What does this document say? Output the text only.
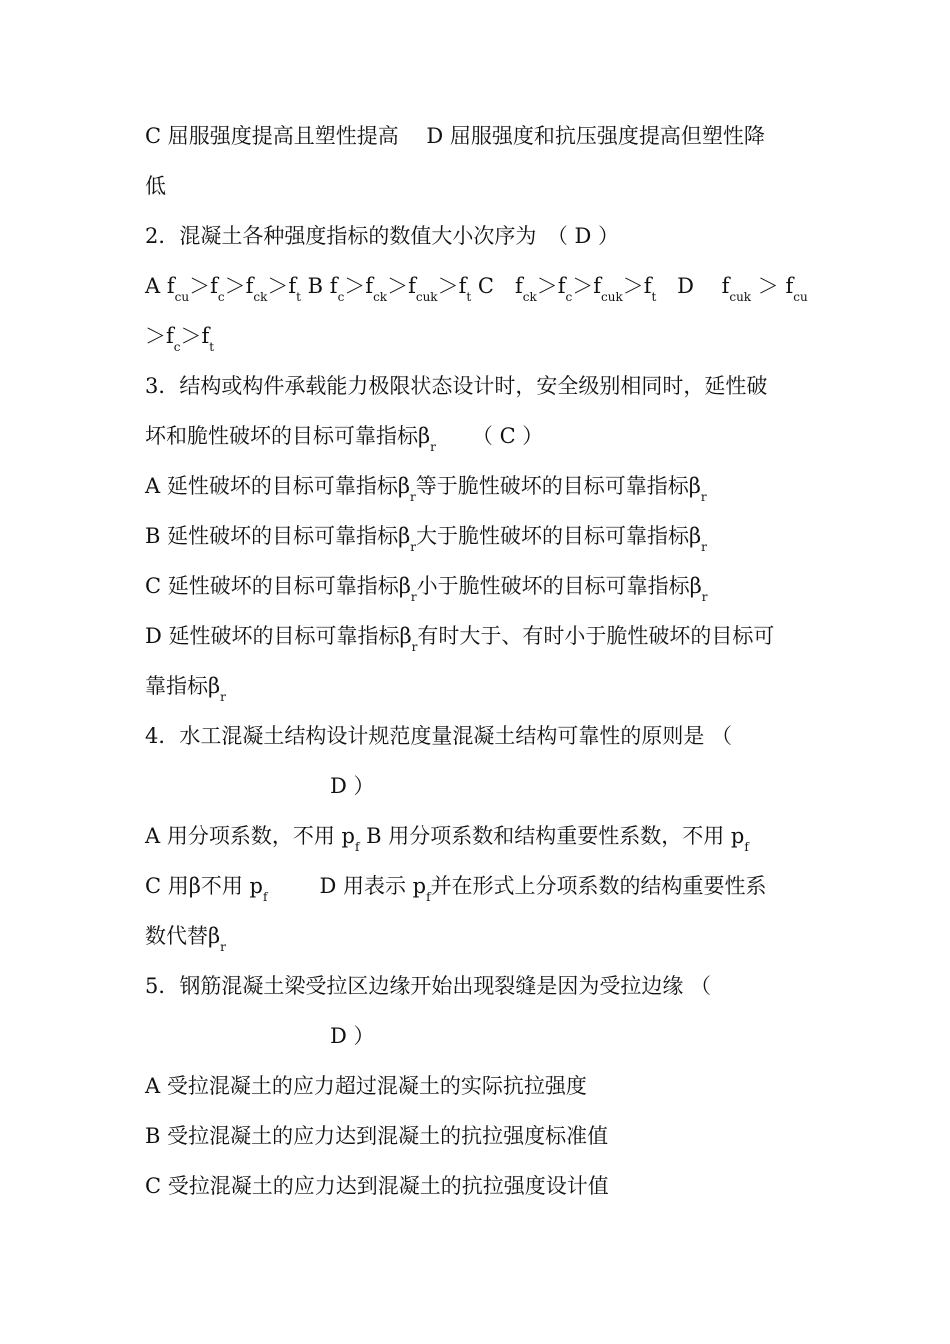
C 屈服强度提高且塑性提高　 D 屈服强度和抗压强度提高但塑性降
低
2．混凝土各种强度指标的数值大小次序为　（ D ）
A $f_{cu}>f_c>f_{ck}>f_t$ B $f_c>f_{ck}>f_{cuk}>f_t$ C　$f_{ck}>f_c>f_{cuk}>f_t$ D　 $f_{cuk} > f_{cu}$
$>f_c>f_t$
3．结构或构件承载能力极限状态设计时，安全级别相同时，延性破
坏和脆性破坏的目标可靠指标$\beta_r$ （ C ）
A 延性破坏的目标可靠指标$\beta_r$等于脆性破坏的目标可靠指标$\beta_r$
B 延性破坏的目标可靠指标$\beta_r$大于脆性破坏的目标可靠指标$\beta_r$
C 延性破坏的目标可靠指标$\beta_r$小于脆性破坏的目标可靠指标$\beta_r$
D 延性破坏的目标可靠指标$\beta_r$有时大于、有时小于脆性破坏的目标可
靠指标$\beta_r$
4．水工混凝土结构设计规范度量混凝土结构可靠性的原则是 （
D ）
A 用分项系数，不用 $p_f$ B 用分项系数和结构重要性系数，不用 $p_f$
C 用β不用 $p_f$ D 用表示 $p_f$并在形式上分项系数的结构重要性系
数代替$\beta_r$
5．钢筋混凝土梁受拉区边缘开始出现裂缝是因为受拉边缘 （
D ）
A 受拉混凝土的应力超过混凝土的实际抗拉强度
B 受拉混凝土的应力达到混凝土的抗拉强度标准值
C 受拉混凝土的应力达到混凝土的抗拉强度设计值
